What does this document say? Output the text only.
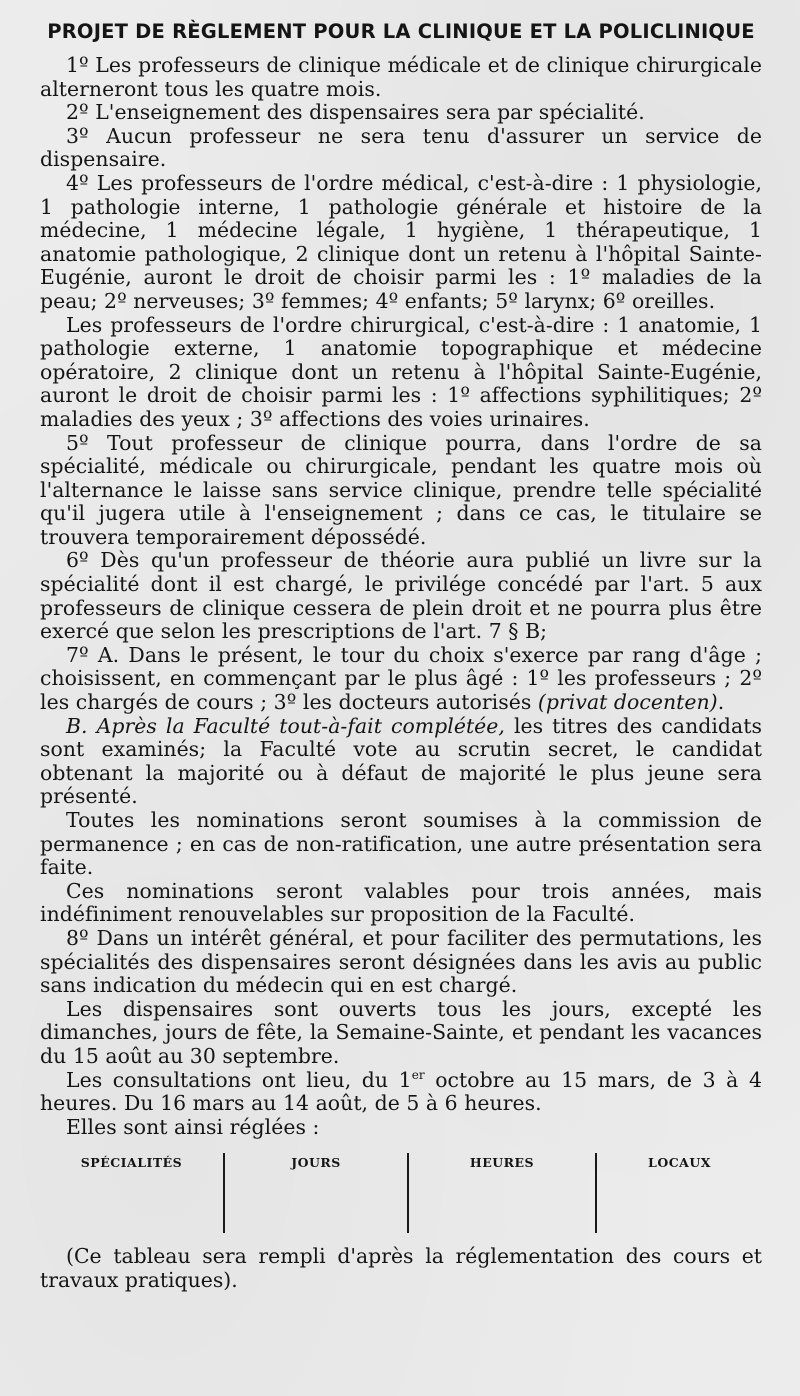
PROJET DE RÈGLEMENT POUR LA CLINIQUE ET LA POLICLINIQUE

1º Les professeurs de clinique médicale et de clinique chirurgicale alterneront tous les quatre mois.

2º L'enseignement des dispensaires sera par spécialité.

3º Aucun professeur ne sera tenu d'assurer un service de dispensaire.

4º Les professeurs de l'ordre médical, c'est-à-dire : 1 physiologie, 1 pathologie interne, 1 pathologie générale et histoire de la médecine, 1 médecine légale, 1 hygiène, 1 thérapeutique, 1 anatomie pathologique, 2 clinique dont un retenu à l'hôpital Sainte-Eugénie, auront le droit de choisir parmi les : 1º maladies de la peau; 2º nerveuses; 3º femmes; 4º enfants; 5º larynx; 6º oreilles.

Les professeurs de l'ordre chirurgical, c'est-à-dire : 1 anatomie, 1 pathologie externe, 1 anatomie topographique et médecine opératoire, 2 clinique dont un retenu à l'hôpital Sainte-Eugénie, auront le droit de choisir parmi les : 1º affections syphilitiques; 2º maladies des yeux ; 3º affections des voies urinaires.

5º Tout professeur de clinique pourra, dans l'ordre de sa spécialité, médicale ou chirurgicale, pendant les quatre mois où l'alternance le laisse sans service clinique, prendre telle spécialité qu'il jugera utile à l'enseignement ; dans ce cas, le titulaire se trouvera temporairement dépossédé.

6º Dès qu'un professeur de théorie aura publié un livre sur la spécialité dont il est chargé, le privilége concédé par l'art. 5 aux professeurs de clinique cessera de plein droit et ne pourra plus être exercé que selon les prescriptions de l'art. 7 § B;

7º A. Dans le présent, le tour du choix s'exerce par rang d'âge ; choisissent, en commençant par le plus âgé : 1º les professeurs ; 2º les chargés de cours ; 3º les docteurs autorisés (privat docenten).

B. Après la Faculté tout-à-fait complétée, les titres des candidats sont examinés; la Faculté vote au scrutin secret, le candidat obtenant la majorité ou à défaut de majorité le plus jeune sera présenté.

Toutes les nominations seront soumises à la commission de permanence ; en cas de non-ratification, une autre présentation sera faite.

Ces nominations seront valables pour trois années, mais indéfiniment renouvelables sur proposition de la Faculté.

8º Dans un intérêt général, et pour faciliter des permutations, les spécialités des dispensaires seront désignées dans les avis au public sans indication du médecin qui en est chargé.

Les dispensaires sont ouverts tous les jours, excepté les dimanches, jours de fête, la Semaine-Sainte, et pendant les vacances du 15 août au 30 septembre.

Les consultations ont lieu, du 1er octobre au 15 mars, de 3 à 4 heures. Du 16 mars au 14 août, de 5 à 6 heures.

Elles sont ainsi réglées :

SPÉCIALITÉS	JOURS	HEURES	LOCAUX

(Ce tableau sera rempli d'après la réglementation des cours et travaux pratiques).
